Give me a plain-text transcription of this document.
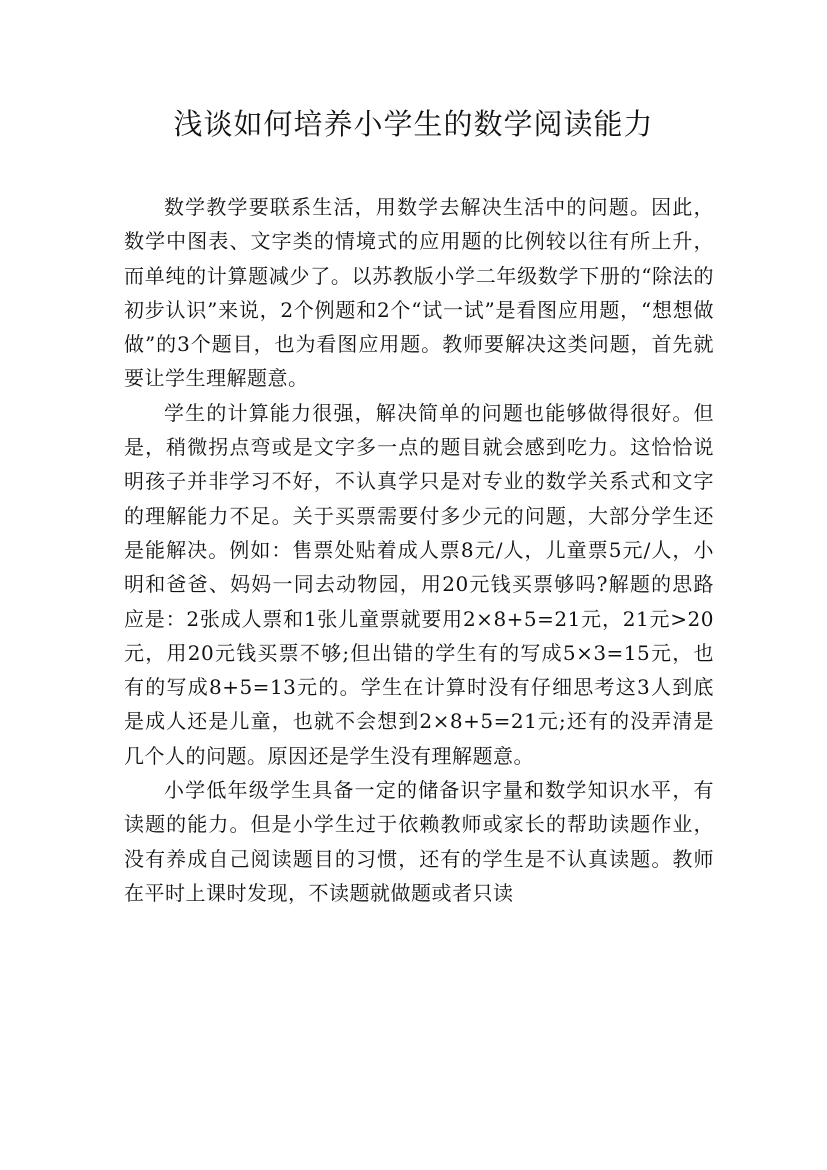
浅谈如何培养小学生的数学阅读能力

数学教学要联系生活，用数学去解决生活中的问题。因此，数学中图表、文字类的情境式的应用题的比例较以往有所上升，而单纯的计算题减少了。以苏教版小学二年级数学下册的“除法的初步认识”来说，2个例题和2个“试一试”是看图应用题，“想想做做”的3个题目，也为看图应用题。教师要解决这类问题，首先就要让学生理解题意。

学生的计算能力很强，解决简单的问题也能够做得很好。但是，稍微拐点弯或是文字多一点的题目就会感到吃力。这恰恰说明孩子并非学习不好，不认真学只是对专业的数学关系式和文字的理解能力不足。关于买票需要付多少元的问题，大部分学生还是能解决。例如：售票处贴着成人票8元/人，儿童票5元/人，小明和爸爸、妈妈一同去动物园，用20元钱买票够吗?解题的思路应是：2张成人票和1张儿童票就要用2×8+5=21元，21元>20元，用20元钱买票不够;但出错的学生有的写成5×3=15元，也有的写成8+5=13元的。学生在计算时没有仔细思考这3人到底是成人还是儿童，也就不会想到2×8+5=21元;还有的没弄清是几个人的问题。原因还是学生没有理解题意。

小学低年级学生具备一定的储备识字量和数学知识水平，有读题的能力。但是小学生过于依赖教师或家长的帮助读题作业，没有养成自己阅读题目的习惯，还有的学生是不认真读题。教师在平时上课时发现，不读题就做题或者只读
